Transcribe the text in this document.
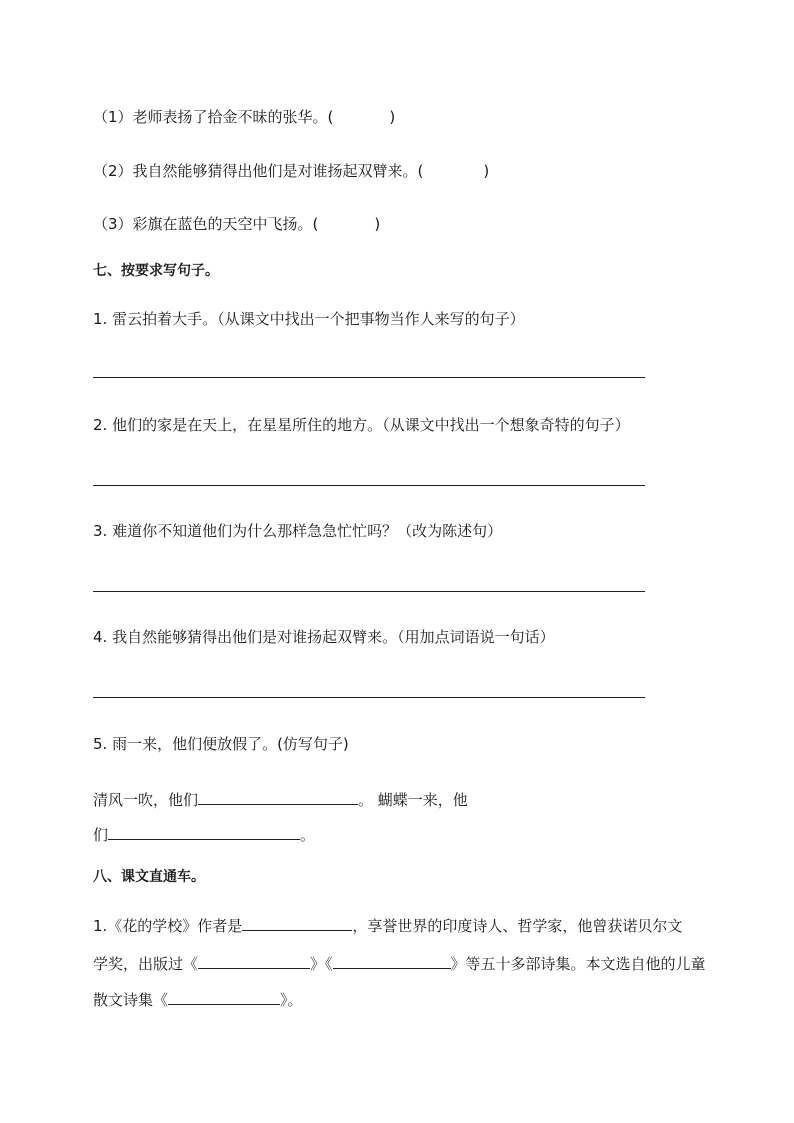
（1）老师表扬了拾金不昧的张华。(	)
（2）我自然能够猜得出他们是对谁扬起双臂来。(	)
（3）彩旗在蓝色的天空中飞扬。(	)
七、按要求写句子。
1. 雷云拍着大手。（从课文中找出一个把事物当作人来写的句子）
2. 他们的家是在天上，在星星所住的地方。（从课文中找出一个想象奇特的句子）
3. 难道你不知道他们为什么那样急急忙忙吗？（改为陈述句）
4. 我自然能够猜得出他们是对谁扬起双臂来。（用加点词语说一句话）
5. 雨一来，他们便放假了。(仿写句子)
清风一吹，他们	。 蝴蝶一来，他
们	。
八、课文直通车。
1.《花的学校》作者是	，享誉世界的印度诗人、哲学家，他曾获诺贝尔文
学奖，出版过《	》《	》等五十多部诗集。本文选自他的儿童
散文诗集《	》。
